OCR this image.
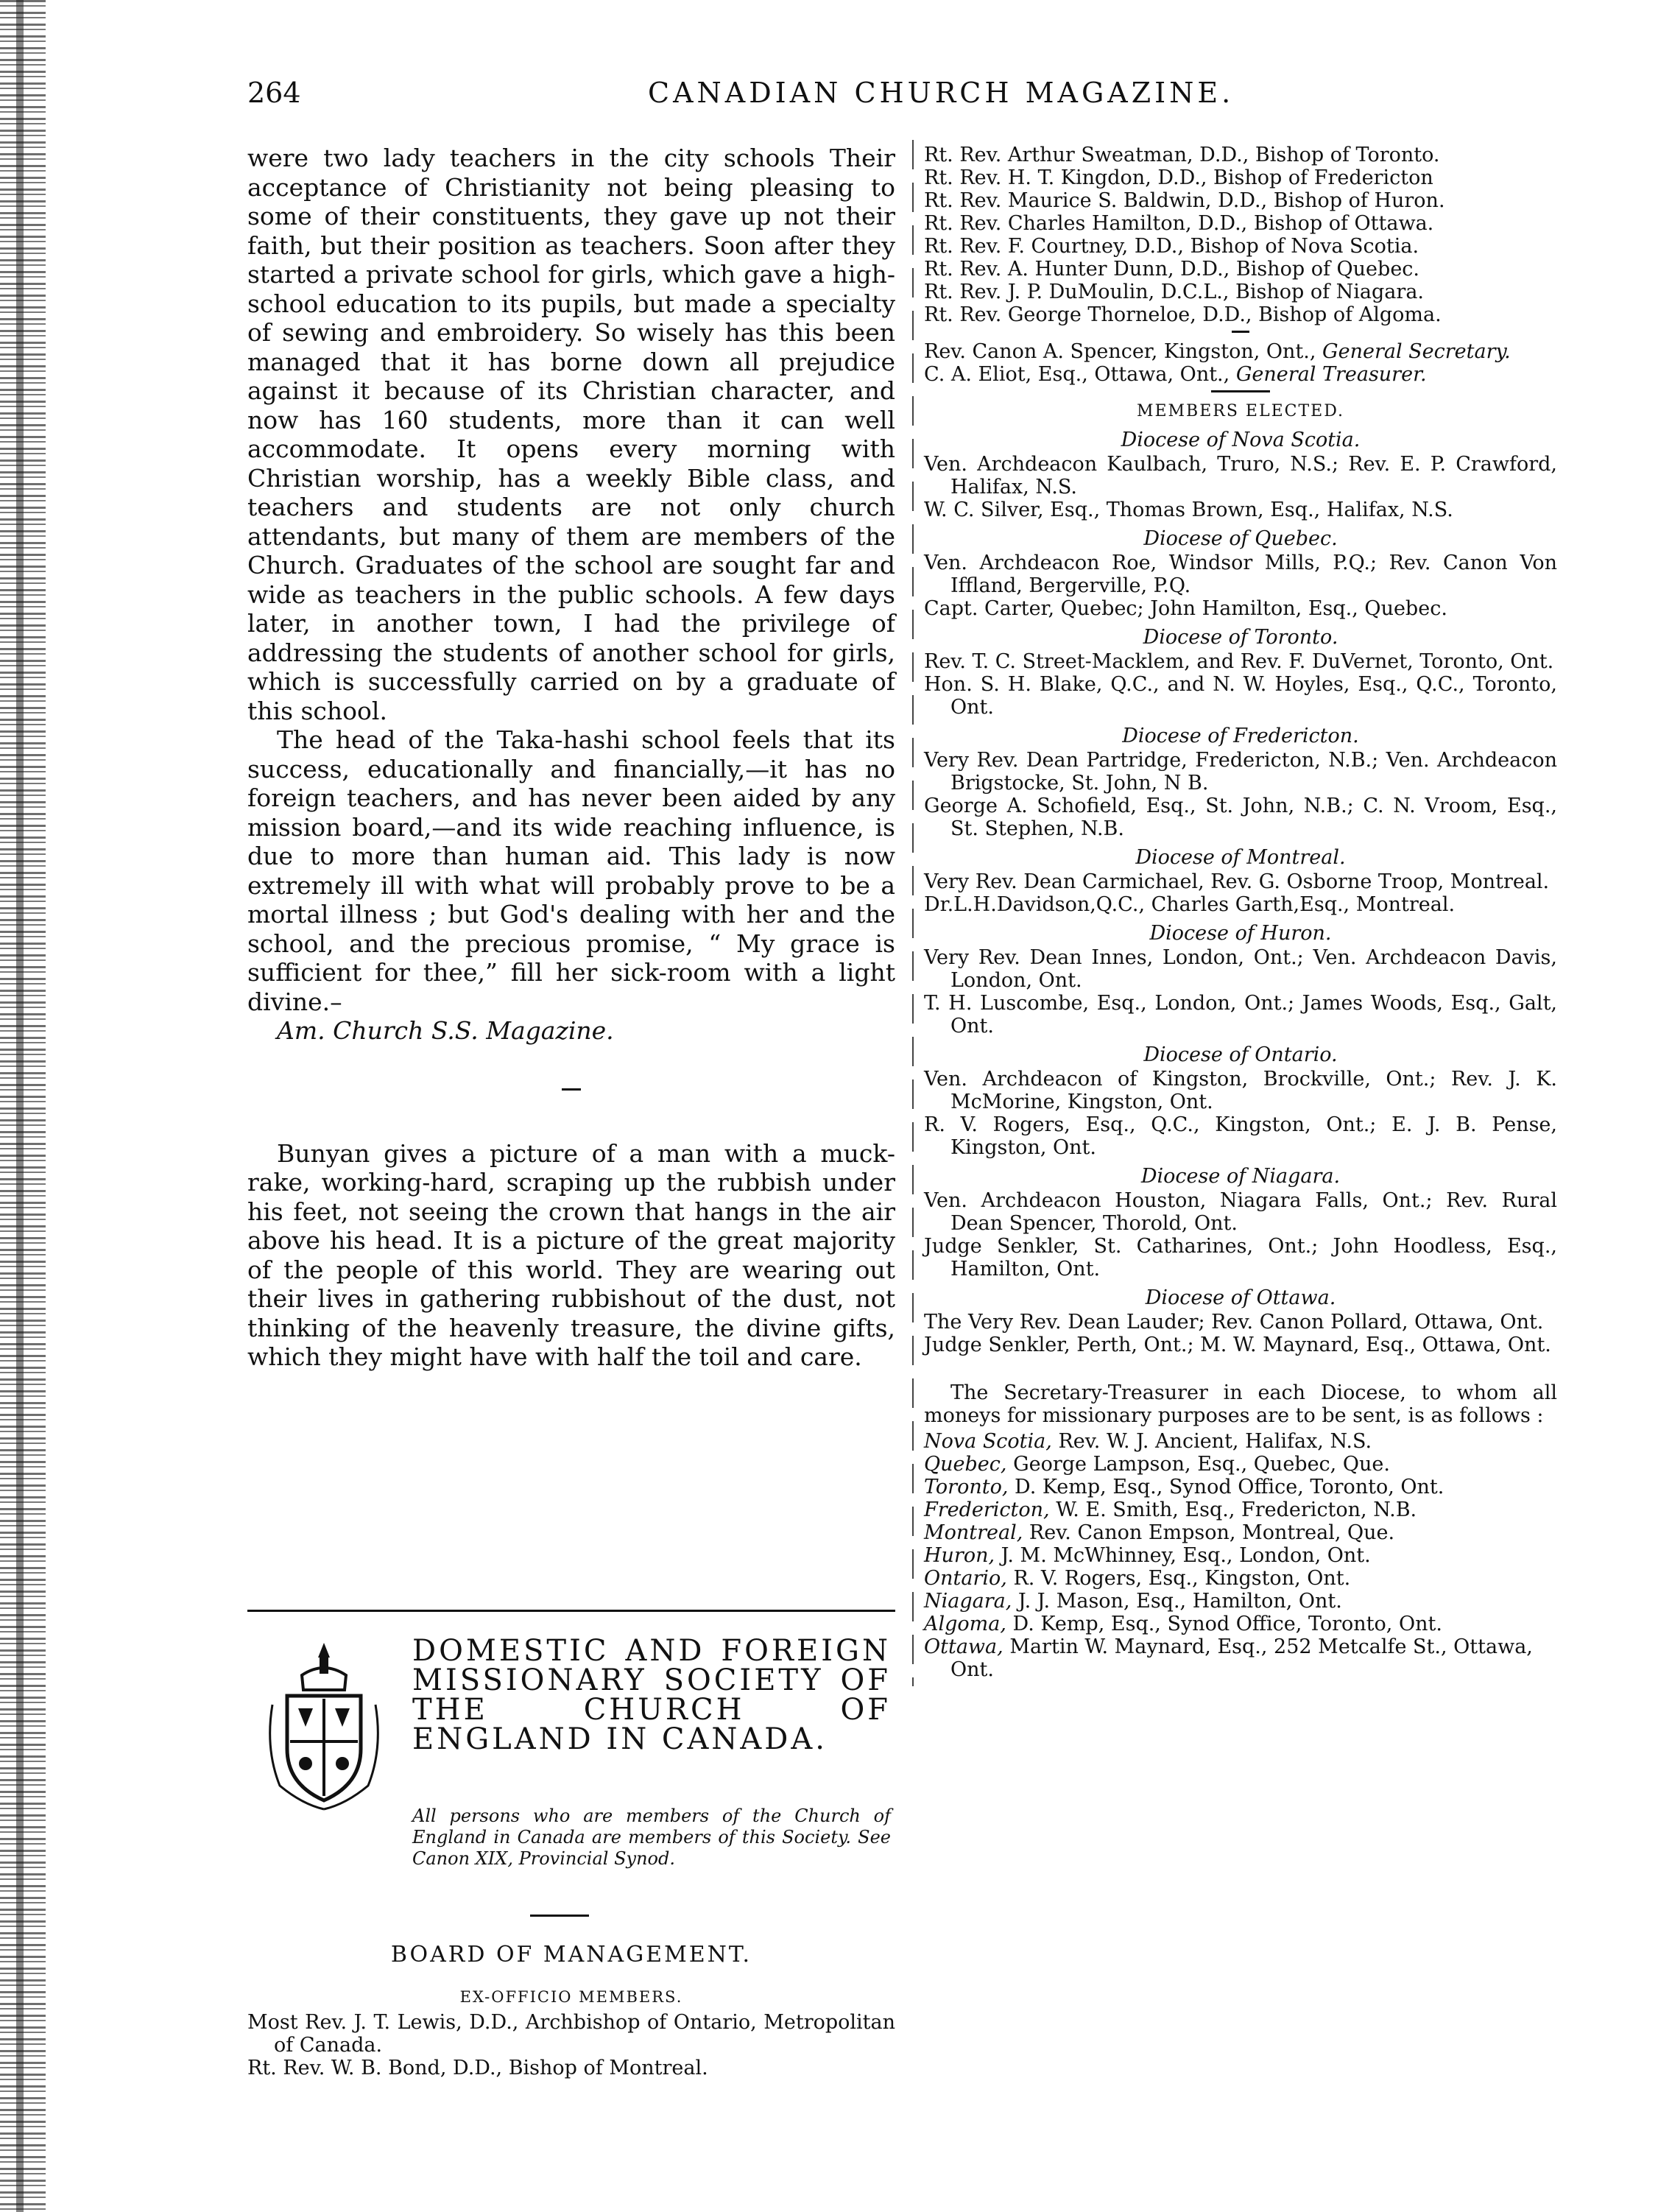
264	CANADIAN CHURCH MAGAZINE.

were two lady teachers in the city schools Their acceptance of Christianity not being pleasing to some of their constituents, they gave up not their faith, but their position as teachers. Soon after they started a private school for girls, which gave a high-school education to its pupils, but made a specialty of sewing and embroidery. So wisely has this been managed that it has borne down all prejudice against it because of its Christian character, and now has 160 students, more than it can well accommodate. It opens every morning with Christian worship, has a weekly Bible class, and teachers and students are not only church attendants, but many of them are members of the Church. Graduates of the school are sought far and wide as teachers in the public schools. A few days later, in another town, I had the privilege of addressing the students of another school for girls, which is successfully carried on by a graduate of this school.

The head of the Taka-hashi school feels that its success, educationally and financially,—it has no foreign teachers, and has never been aided by any mission board,—and its wide reaching influence, is due to more than human aid. This lady is now extremely ill with what will probably prove to be a mortal illness ; but God's dealing with her and the school, and the precious promise, “ My grace is sufficient for thee,” fill her sick-room with a light divine.–

Am. Church S.S. Magazine.

Bunyan gives a picture of a man with a muck-rake, working-hard, scraping up the rubbish under his feet, not seeing the crown that hangs in the air above his head. It is a picture of the great majority of the people of this world. They are wearing out their lives in gathering rubbishout of the dust, not thinking of the heavenly treasure, the divine gifts, which they might have with half the toil and care.

DOMESTIC AND FOREIGN MISSIONARY SOCIETY OF THE CHURCH OF ENGLAND IN CANADA.
All persons who are members of the Church of England in Canada are members of this Society. See Canon XIX, Provincial Synod.
BOARD OF MANAGEMENT.
EX-OFFICIO MEMBERS.

Most Rev. J. T. Lewis, D.D., Archbishop of Ontario, Metropolitan of Canada.

Rt. Rev. W. B. Bond, D.D., Bishop of Montreal.

Rt. Rev. Arthur Sweatman, D.D., Bishop of Toronto.

Rt. Rev. H. T. Kingdon, D.D., Bishop of Fredericton

Rt. Rev. Maurice S. Baldwin, D.D., Bishop of Huron.

Rt. Rev. Charles Hamilton, D.D., Bishop of Ottawa.

Rt. Rev. F. Courtney, D.D., Bishop of Nova Scotia.

Rt. Rev. A. Hunter Dunn, D.D., Bishop of Quebec.

Rt. Rev. J. P. DuMoulin, D.C.L., Bishop of Niagara.

Rt. Rev. George Thorneloe, D.D., Bishop of Algoma.

Rev. Canon A. Spencer, Kingston, Ont., General Secretary.

C. A. Eliot, Esq., Ottawa, Ont., General Treasurer.

MEMBERS ELECTED.
Diocese of Nova Scotia.

Ven. Archdeacon Kaulbach, Truro, N.S.; Rev. E. P. Crawford, Halifax, N.S.

W. C. Silver, Esq., Thomas Brown, Esq., Halifax, N.S.

Diocese of Quebec.

Ven. Archdeacon Roe, Windsor Mills, P.Q.; Rev. Canon Von Iffland, Bergerville, P.Q.

Capt. Carter, Quebec; John Hamilton, Esq., Quebec.

Diocese of Toronto.

Rev. T. C. Street-Macklem, and Rev. F. DuVernet, Toronto, Ont.

Hon. S. H. Blake, Q.C., and N. W. Hoyles, Esq., Q.C., Toronto, Ont.

Diocese of Fredericton.

Very Rev. Dean Partridge, Fredericton, N.B.; Ven. Archdeacon Brigstocke, St. John, N B.

George A. Schofield, Esq., St. John, N.B.; C. N. Vroom, Esq., St. Stephen, N.B.

Diocese of Montreal.

Very Rev. Dean Carmichael, Rev. G. Osborne Troop, Montreal.

Dr.L.H.Davidson,Q.C., Charles Garth,Esq., Montreal.

Diocese of Huron.

Very Rev. Dean Innes, London, Ont.; Ven. Archdeacon Davis, London, Ont.

T. H. Luscombe, Esq., London, Ont.; James Woods, Esq., Galt, Ont.

Diocese of Ontario.

Ven. Archdeacon of Kingston, Brockville, Ont.; Rev. J. K. McMorine, Kingston, Ont.

R. V. Rogers, Esq., Q.C., Kingston, Ont.; E. J. B. Pense, Kingston, Ont.

Diocese of Niagara.

Ven. Archdeacon Houston, Niagara Falls, Ont.; Rev. Rural Dean Spencer, Thorold, Ont.

Judge Senkler, St. Catharines, Ont.; John Hoodless, Esq., Hamilton, Ont.

Diocese of Ottawa.

The Very Rev. Dean Lauder; Rev. Canon Pollard, Ottawa, Ont.

Judge Senkler, Perth, Ont.; M. W. Maynard, Esq., Ottawa, Ont.

The Secretary-Treasurer in each Diocese, to whom all moneys for missionary purposes are to be sent, is as follows :

Nova Scotia, Rev. W. J. Ancient, Halifax, N.S.

Quebec, George Lampson, Esq., Quebec, Que.

Toronto, D. Kemp, Esq., Synod Office, Toronto, Ont.

Fredericton, W. E. Smith, Esq., Fredericton, N.B.

Montreal, Rev. Canon Empson, Montreal, Que.

Huron, J. M. McWhinney, Esq., London, Ont.

Ontario, R. V. Rogers, Esq., Kingston, Ont.

Niagara, J. J. Mason, Esq., Hamilton, Ont.

Algoma, D. Kemp, Esq., Synod Office, Toronto, Ont.

Ottawa, Martin W. Maynard, Esq., 252 Metcalfe St., Ottawa, Ont.
